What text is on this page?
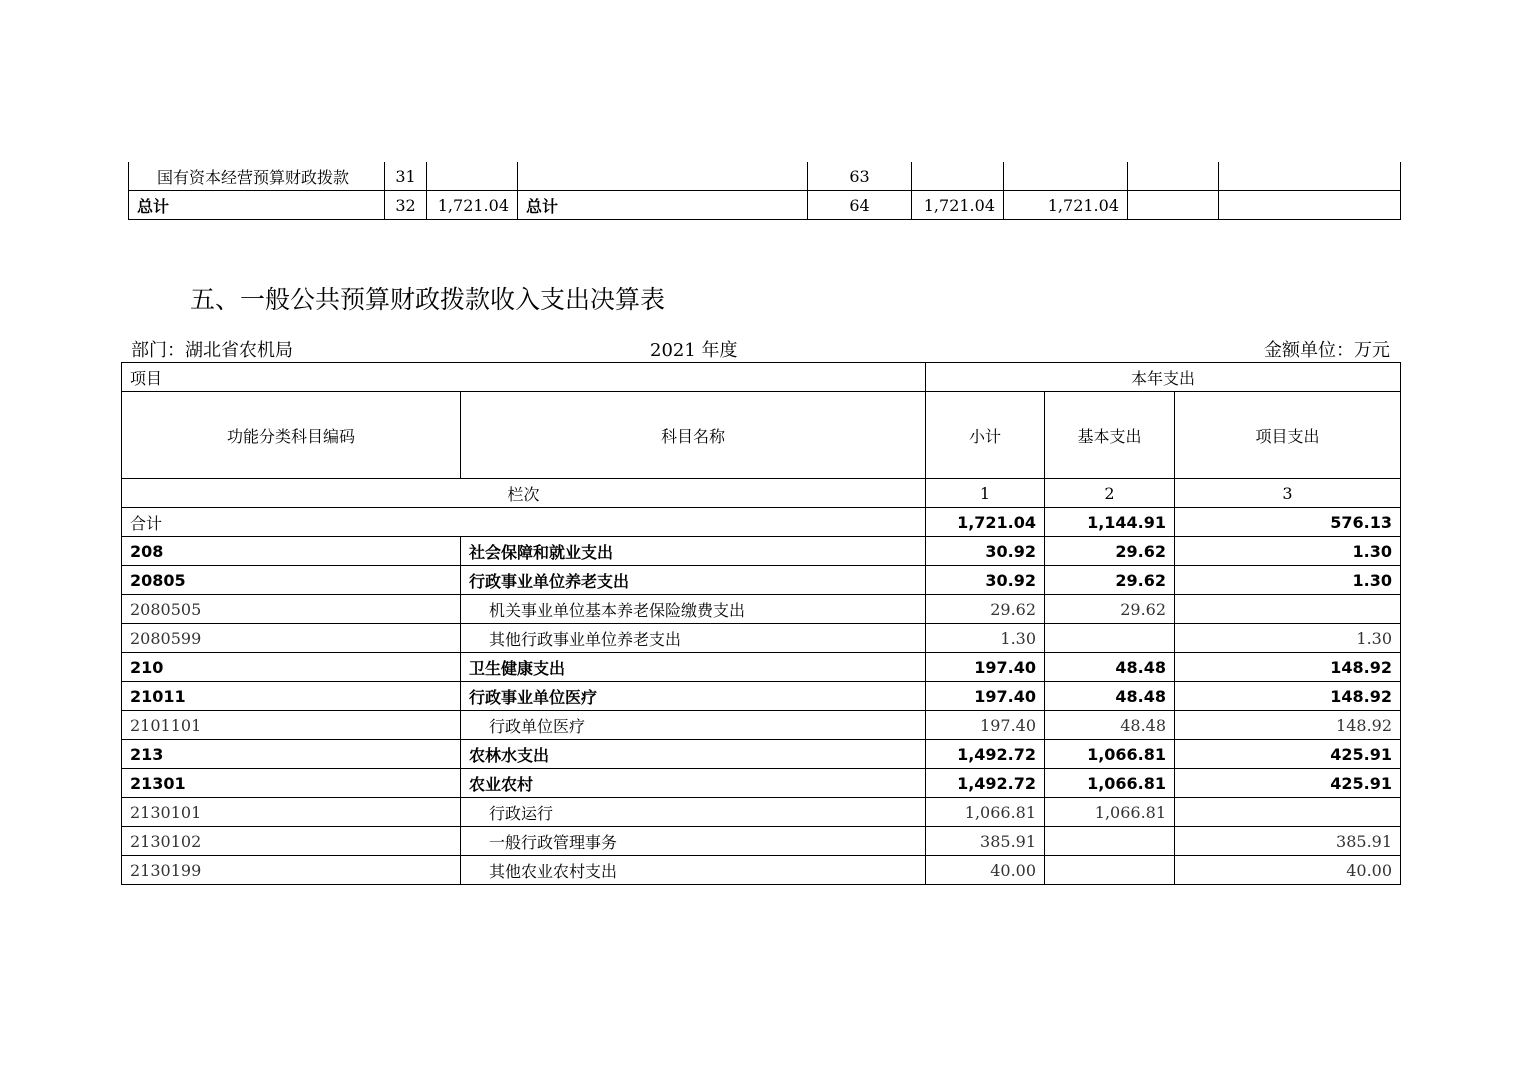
国有资本经营预算财政拨款	31			63				
总计	32	1,721.04	总计	64	1,721.04	1,721.04		
五、一般公共预算财政拨款收入支出决算表
部门：湖北省农机局	2021 年度	金额单位：万元
项目		本年支出		
功能分类科目编码	科目名称	小计	基本支出	项目支出
栏次		1	2	3
合计		1,721.04	1,144.91	576.13
208	社会保障和就业支出	30.92	29.62	1.30
20805	行政事业单位养老支出	30.92	29.62	1.30
2080505	机关事业单位基本养老保险缴费支出	29.62	29.62	
2080599	其他行政事业单位养老支出	1.30		1.30
210	卫生健康支出	197.40	48.48	148.92
21011	行政事业单位医疗	197.40	48.48	148.92
2101101	行政单位医疗	197.40	48.48	148.92
213	农林水支出	1,492.72	1,066.81	425.91
21301	农业农村	1,492.72	1,066.81	425.91
2130101	行政运行	1,066.81	1,066.81	
2130102	一般行政管理事务	385.91		385.91
2130199	其他农业农村支出	40.00		40.00
